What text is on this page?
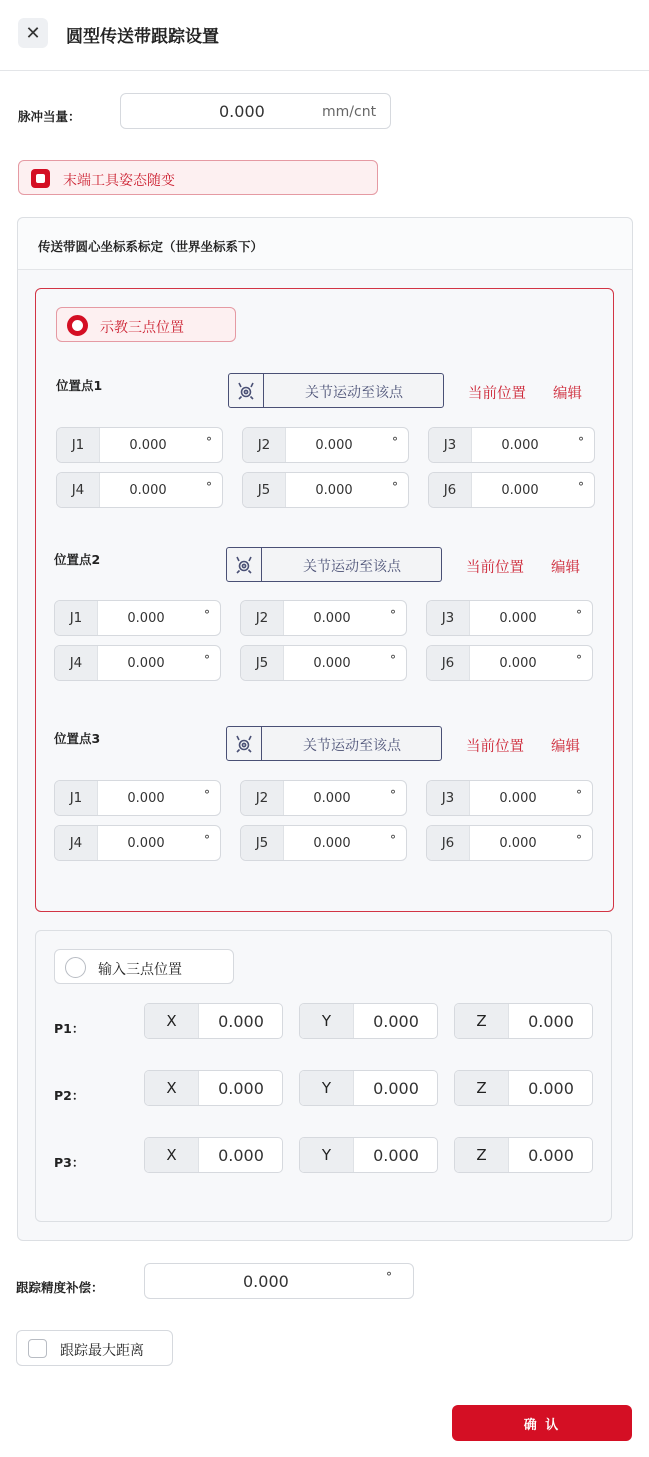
✕ 圆型传送带跟踪设置
脉冲当量：	0.000	mm/cnt
末端工具姿态随变
传送带圆心坐标系标定（世界坐标系下）
示教三点位置
位置点1	关节运动至该点	当前位置 编辑
J1	0.000	°	J2	0.000	°	J3	0.000	°
J4	0.000	°	J5	0.000	°	J6	0.000	°
位置点2	关节运动至该点	当前位置 编辑
J1	0.000	°	J2	0.000	°	J3	0.000	°
J4	0.000	°	J5	0.000	°	J6	0.000	°
位置点3	关节运动至该点	当前位置 编辑
J1	0.000	°	J2	0.000	°	J3	0.000	°
J4	0.000	°	J5	0.000	°	J6	0.000	°
输入三点位置
P1：	X	0.000	Y	0.000	Z	0.000
P2：	X	0.000	Y	0.000	Z	0.000
P3：	X	0.000	Y	0.000	Z	0.000
跟踪精度补偿：	0.000	°
跟踪最大距离
确 认
